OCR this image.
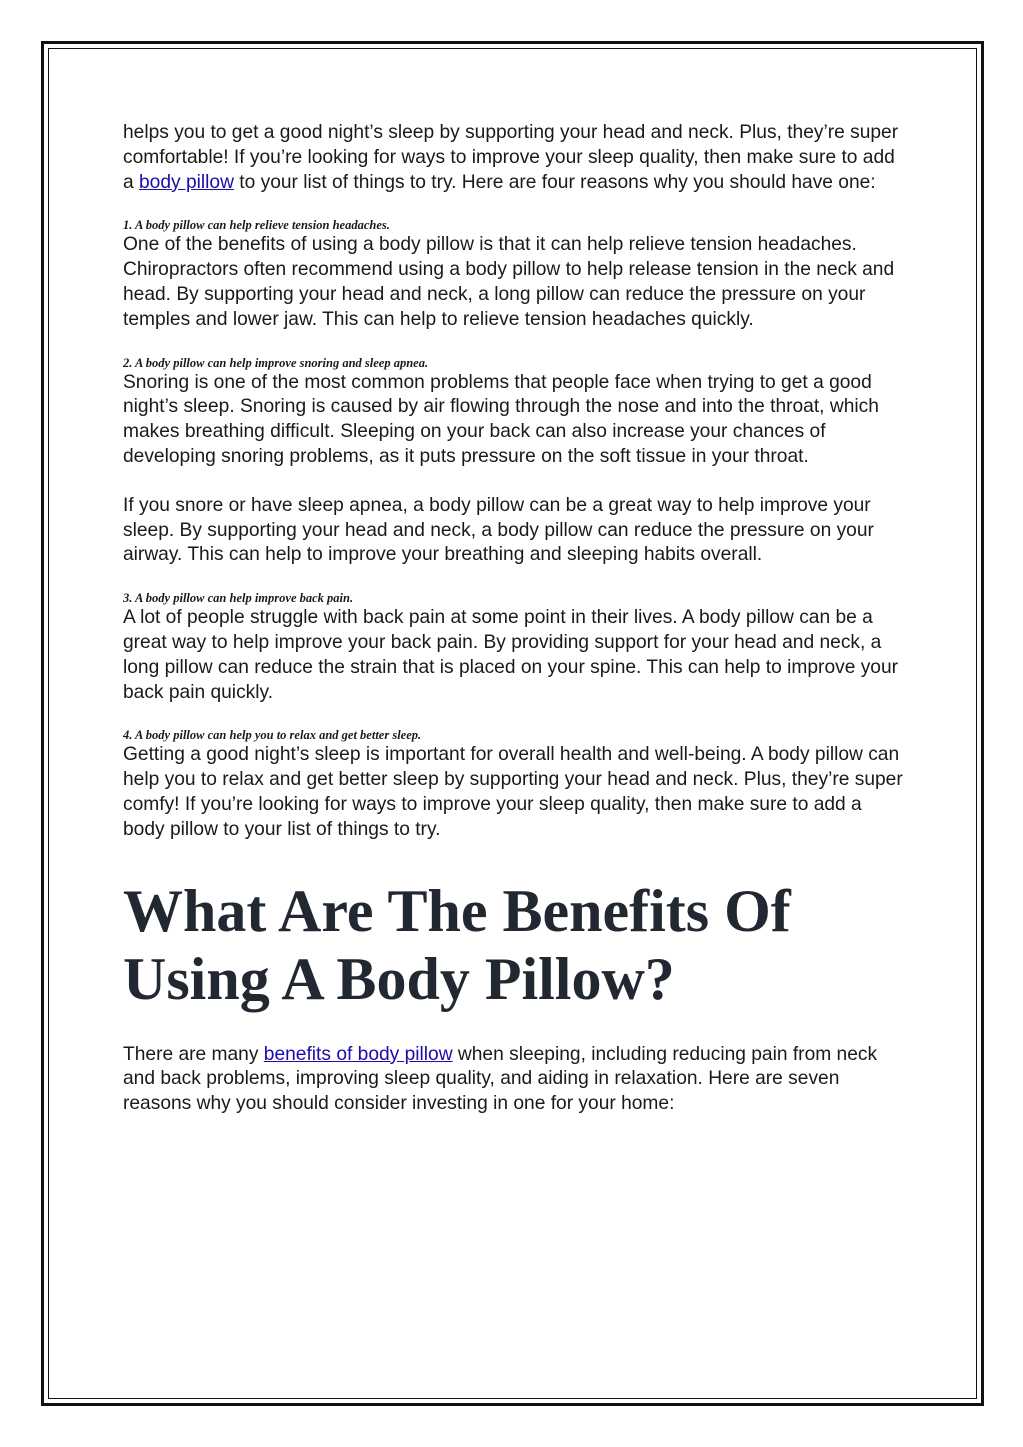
helps you to get a good night’s sleep by supporting your head and neck. Plus, they’re super comfortable! If you’re looking for ways to improve your sleep quality, then make sure to add a body pillow to your list of things to try. Here are four reasons why you should have one:

1. A body pillow can help relieve tension headaches.

One of the benefits of using a body pillow is that it can help relieve tension headaches. Chiropractors often recommend using a body pillow to help release tension in the neck and head. By supporting your head and neck, a long pillow can reduce the pressure on your temples and lower jaw. This can help to relieve tension headaches quickly.

2. A body pillow can help improve snoring and sleep apnea.

Snoring is one of the most common problems that people face when trying to get a good night’s sleep. Snoring is caused by air flowing through the nose and into the throat, which makes breathing difficult. Sleeping on your back can also increase your chances of developing snoring problems, as it puts pressure on the soft tissue in your throat.

If you snore or have sleep apnea, a body pillow can be a great way to help improve your sleep. By supporting your head and neck, a body pillow can reduce the pressure on your airway. This can help to improve your breathing and sleeping habits overall.

3. A body pillow can help improve back pain.

A lot of people struggle with back pain at some point in their lives. A body pillow can be a great way to help improve your back pain. By providing support for your head and neck, a long pillow can reduce the strain that is placed on your spine. This can help to improve your back pain quickly.

4. A body pillow can help you to relax and get better sleep.

Getting a good night’s sleep is important for overall health and well-being. A body pillow can help you to relax and get better sleep by supporting your head and neck. Plus, they’re super comfy! If you’re looking for ways to improve your sleep quality, then make sure to add a body pillow to your list of things to try.

What Are The Benefits Of Using A Body Pillow?

There are many benefits of body pillow when sleeping, including reducing pain from neck and back problems, improving sleep quality, and aiding in relaxation. Here are seven reasons why you should consider investing in one for your home:
